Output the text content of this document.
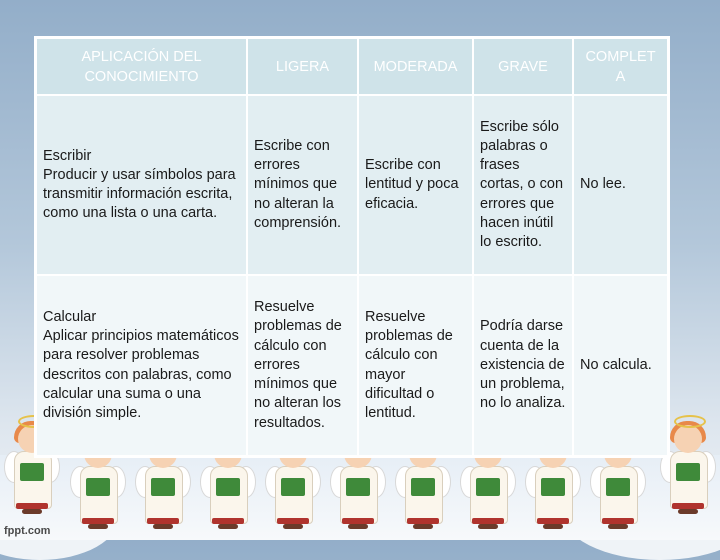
APLICACIÓN DEL CONOCIMIENTO	LIGERA	MODERADA	GRAVE	COMPLETA

Escribir
Producir y usar símbolos para transmitir información escrita, como una lista o una carta.	Escribe con errores mínimos que no alteran la comprensión.	Escribe con lentitud y poca eficacia.	Escribe sólo palabras o frases cortas, o con errores que hacen inútil lo escrito.	No lee.

Calcular
Aplicar principios matemáticos para resolver problemas descritos con palabras, como calcular una suma o una división simple.	Resuelve problemas de cálculo con errores mínimos que no alteran los resultados.	Resuelve problemas de cálculo con mayor dificultad o lentitud.	Podría darse cuenta de la existencia de un problema, no lo analiza.	No calcula.
fppt.com
